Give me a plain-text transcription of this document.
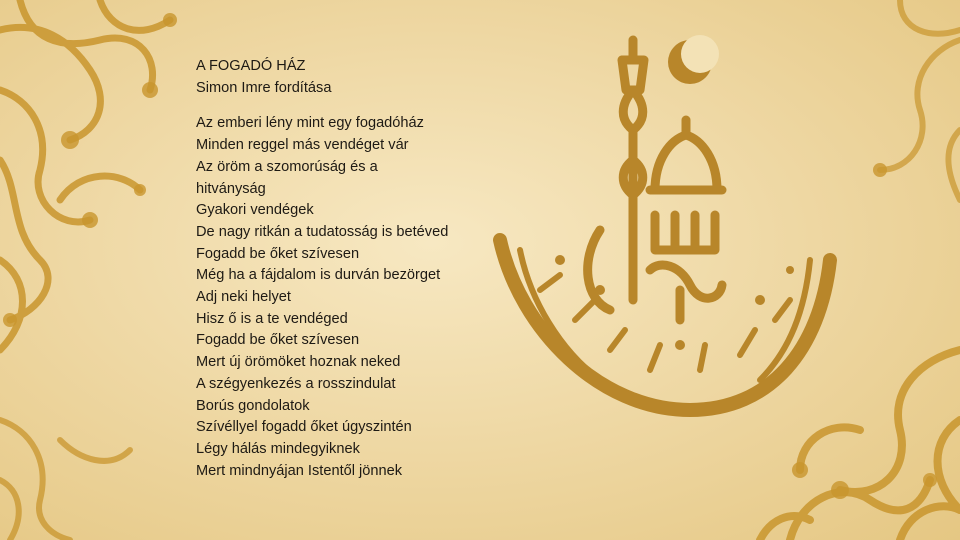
A FOGADÓ HÁZ
Simon Imre fordítása
Az emberi lény mint egy fogadóház
Minden reggel más vendéget vár
Az öröm a szomorúság és a
hitványság
Gyakori vendégek
De nagy ritkán a tudatosság is betéved
Fogadd be őket szívesen
Még ha a fájdalom is durván bezörget
Adj neki helyet
Hisz ő is a te vendéged
Fogadd be őket szívesen
Mert új örömöket hoznak neked
A szégyenkezés a rosszindulat
Borús gondolatok
Szívéllyel fogadd őket úgyszintén
Légy hálás mindegyiknek
Mert mindnyájan Istentől jönnek
